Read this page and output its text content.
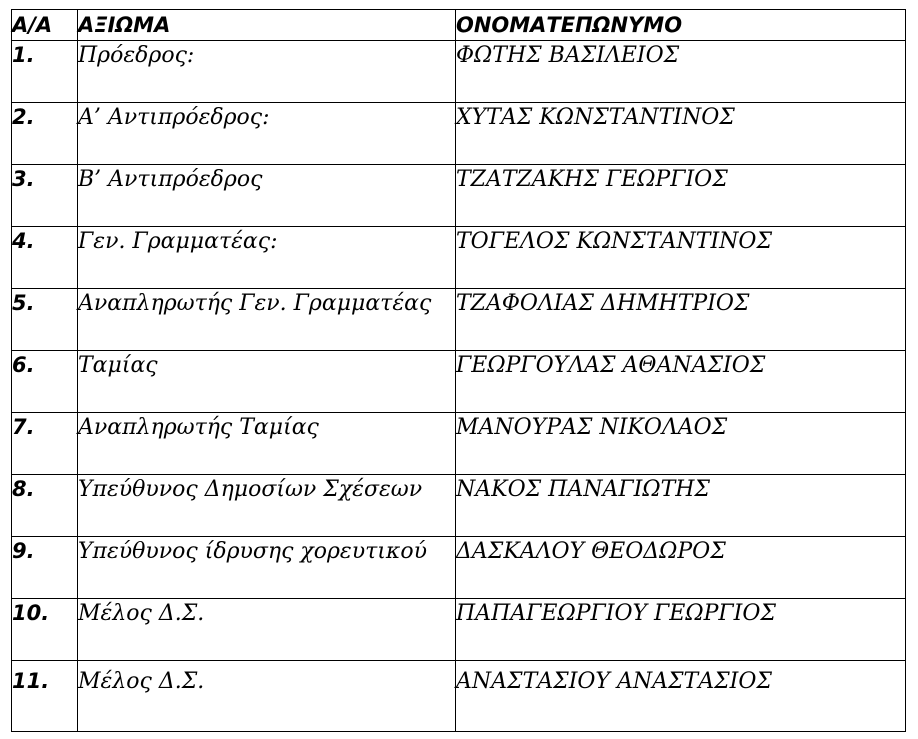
Α/Α	ΑΞΙΩΜΑ	ΟΝΟΜΑΤΕΠΩΝΥΜΟ
1.	Πρόεδρος:	ΦΩΤΗΣ ΒΑΣΙΛΕΙΟΣ
2.	Α’ Αντιπρόεδρος:	ΧΥΤΑΣ ΚΩΝΣΤΑΝΤΙΝΟΣ
3.	Β’ Αντιπρόεδρος	ΤΖΑΤΖΑΚΗΣ ΓΕΩΡΓΙΟΣ
4.	Γεν. Γραμματέας:	ΤΟΓΕΛΟΣ ΚΩΝΣΤΑΝΤΙΝΟΣ
5.	Αναπληρωτής Γεν. Γραμματέας	ΤΖΑΦΟΛΙΑΣ ΔΗΜΗΤΡΙΟΣ
6.	Ταμίας	ΓΕΩΡΓΟΥΛΑΣ ΑΘΑΝΑΣΙΟΣ
7.	Αναπληρωτής Ταμίας	ΜΑΝΟΥΡΑΣ ΝΙΚΟΛΑΟΣ
8.	Υπεύθυνος Δημοσίων Σχέσεων	ΝΑΚΟΣ ΠΑΝΑΓΙΩΤΗΣ
9.	Υπεύθυνος ίδρυσης χορευτικού	ΔΑΣΚΑΛΟΥ ΘΕΟΔΩΡΟΣ
10.	Μέλος Δ.Σ.	ΠΑΠΑΓΕΩΡΓΙΟΥ ΓΕΩΡΓΙΟΣ
11.	Μέλος Δ.Σ.	ΑΝΑΣΤΑΣΙΟΥ ΑΝΑΣΤΑΣΙΟΣ
